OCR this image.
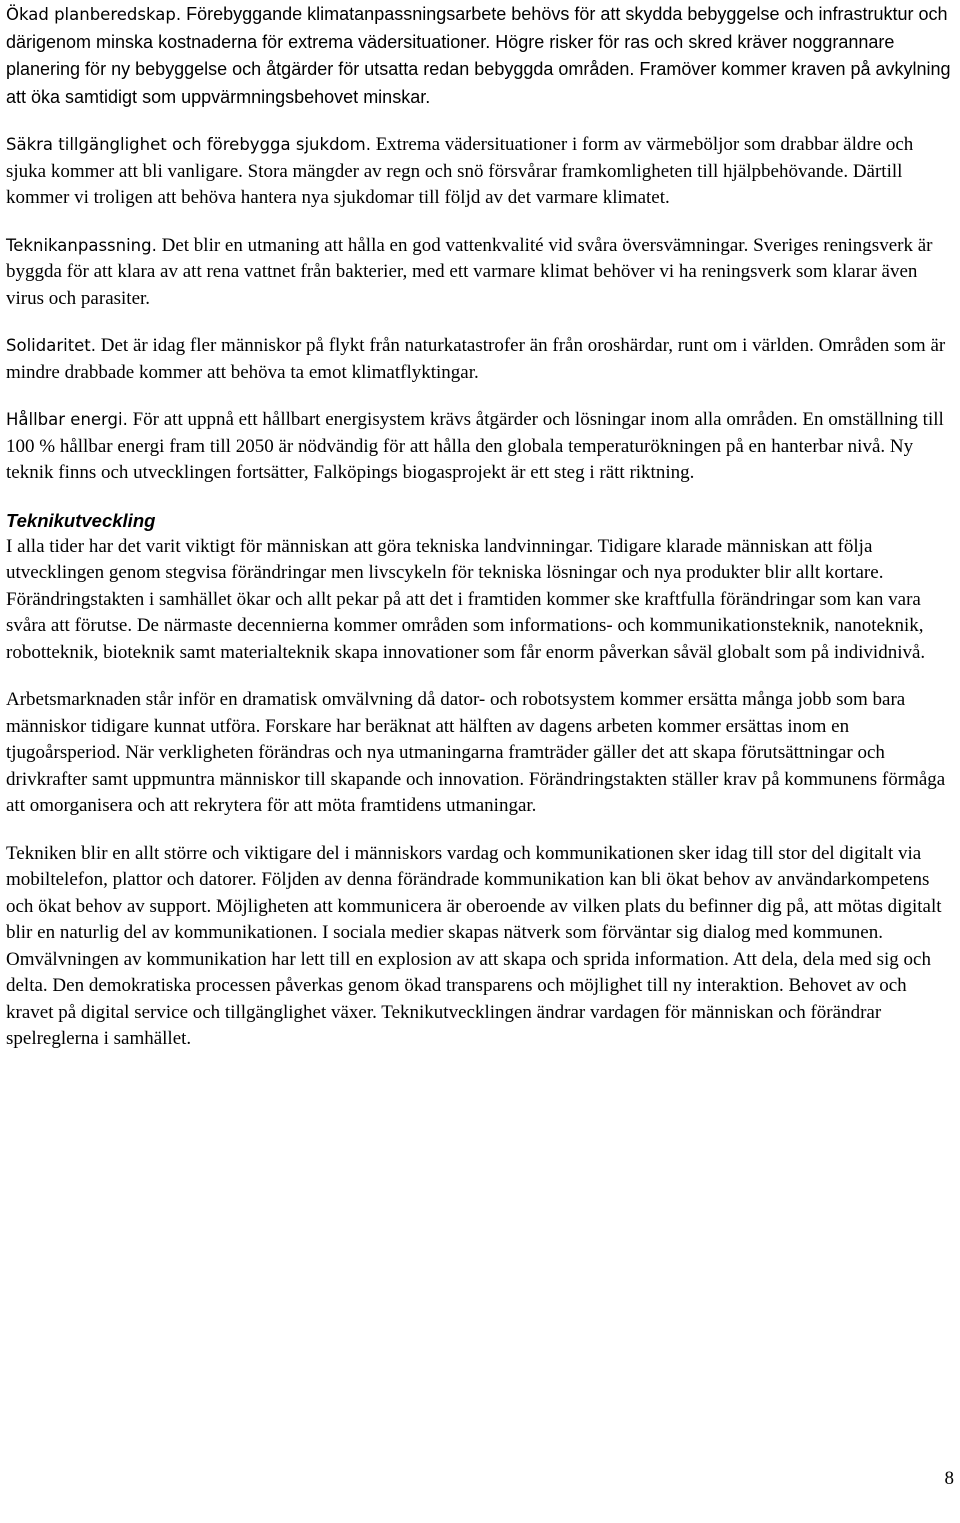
Ökad planberedskap. Förebyggande klimatanpassningsarbete behövs för att skydda bebyggelse och infrastruktur och därigenom minska kostnaderna för extrema vädersituationer. Högre risker för ras och skred kräver noggrannare planering för ny bebyggelse och åtgärder för utsatta redan bebyggda områden. Framöver kommer kraven på avkylning att öka samtidigt som uppvärmningsbehovet minskar.

Säkra tillgänglighet och förebygga sjukdom. Extrema vädersituationer i form av värmeböljor som drabbar äldre och sjuka kommer att bli vanligare. Stora mängder av regn och snö försvårar framkomligheten till hjälpbehövande. Därtill kommer vi troligen att behöva hantera nya sjukdomar till följd av det varmare klimatet.

Teknikanpassning. Det blir en utmaning att hålla en god vattenkvalité vid svåra översvämningar. Sveriges reningsverk är byggda för att klara av att rena vattnet från bakterier, med ett varmare klimat behöver vi ha reningsverk som klarar även virus och parasiter.

Solidaritet. Det är idag fler människor på flykt från naturkatastrofer än från oroshärdar, runt om i världen. Områden som är mindre drabbade kommer att behöva ta emot klimatflyktingar.

Hållbar energi. För att uppnå ett hållbart energisystem krävs åtgärder och lösningar inom alla områden. En omställning till 100 % hållbar energi fram till 2050 är nödvändig för att hålla den globala temperaturökningen på en hanterbar nivå. Ny teknik finns och utvecklingen fortsätter, Falköpings biogasprojekt är ett steg i rätt riktning.

Teknikutveckling

I alla tider har det varit viktigt för människan att göra tekniska landvinningar. Tidigare klarade människan att följa utvecklingen genom stegvisa förändringar men livscykeln för tekniska lösningar och nya produkter blir allt kortare. Förändringstakten i samhället ökar och allt pekar på att det i framtiden kommer ske kraftfulla förändringar som kan vara svåra att förutse. De närmaste decennierna kommer områden som informations- och kommunikationsteknik, nanoteknik, robotteknik, bioteknik samt materialteknik skapa innovationer som får enorm påverkan såväl globalt som på individnivå.

Arbetsmarknaden står inför en dramatisk omvälvning då dator- och robotsystem kommer ersätta många jobb som bara människor tidigare kunnat utföra. Forskare har beräknat att hälften av dagens arbeten kommer ersättas inom en tjugoårsperiod. När verkligheten förändras och nya utmaningarna framträder gäller det att skapa förutsättningar och drivkrafter samt uppmuntra människor till skapande och innovation. Förändringstakten ställer krav på kommunens förmåga att omorganisera och att rekrytera för att möta framtidens utmaningar.

Tekniken blir en allt större och viktigare del i människors vardag och kommunikationen sker idag till stor del digitalt via mobiltelefon, plattor och datorer. Följden av denna förändrade kommunikation kan bli ökat behov av användarkompetens och ökat behov av support. Möjligheten att kommunicera är oberoende av vilken plats du befinner dig på, att mötas digitalt blir en naturlig del av kommunikationen. I sociala medier skapas nätverk som förväntar sig dialog med kommunen. Omvälvningen av kommunikation har lett till en explosion av att skapa och sprida information. Att dela, dela med sig och delta. Den demokratiska processen påverkas genom ökad transparens och möjlighet till ny interaktion. Behovet av och kravet på digital service och tillgänglighet växer. Teknikutvecklingen ändrar vardagen för människan och förändrar spelreglerna i samhället.

8
